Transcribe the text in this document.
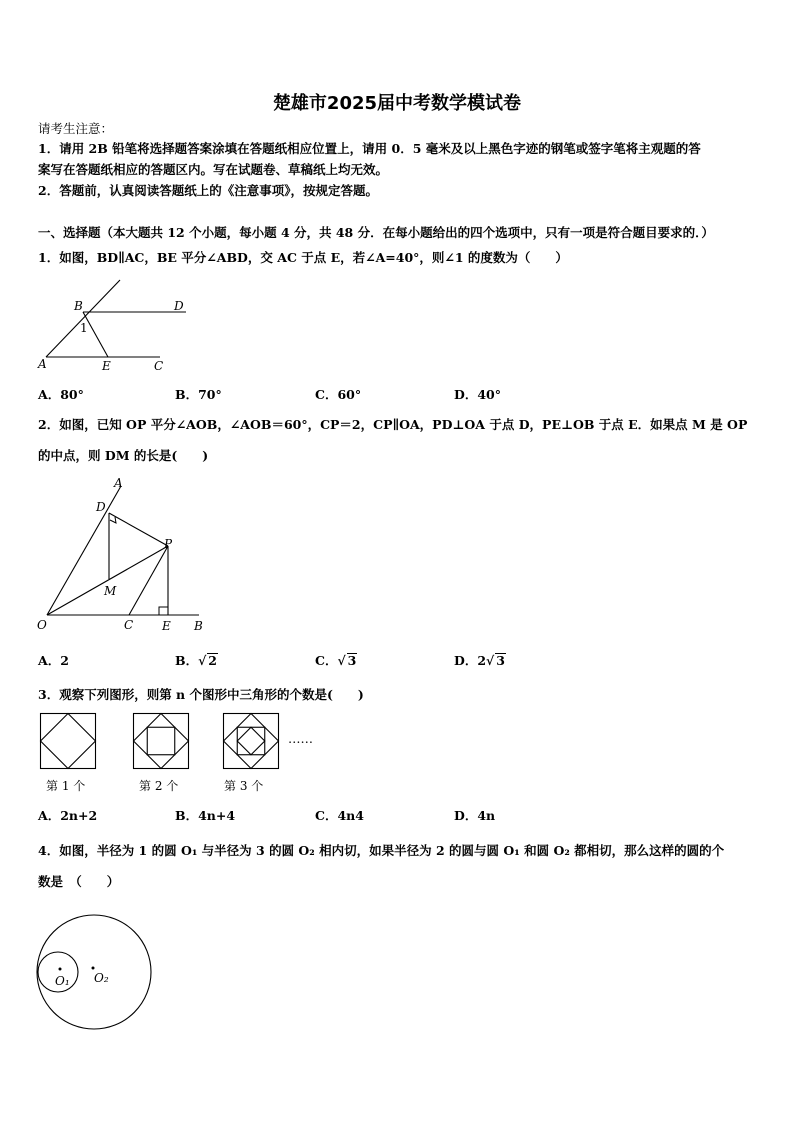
楚雄市2025届中考数学模试卷
请考生注意：
1．请用 2B 铅笔将选择题答案涂填在答题纸相应位置上，请用 0．5 毫米及以上黑色字迹的钢笔或签字笔将主观题的答
案写在答题纸相应的答题区内。写在试题卷、草稿纸上均无效。
2．答题前，认真阅读答题纸上的《注意事项》，按规定答题。
一、选择题（本大题共 12 个小题，每小题 4 分，共 48 分．在每小题给出的四个选项中，只有一项是符合题目要求的．）
1．如图，BD∥AC，BE 平分∠ABD，交 AC 于点 E，若∠A=40°，则∠1 的度数为（　　）
B	D
1
A	E	C
A．80°	B．70°	C．60°	D．40°
2．如图，已知 OP 平分∠AOB，∠AOB＝60°，CP＝2，CP∥OA，PD⊥OA 于点 D，PE⊥OB 于点 E．如果点 M 是 OP
的中点，则 DM 的长是(　　)
A
D
P
M
O	C E B
A．2	B．√ 2	C．√ 3	D．2√ 3
3．观察下列图形，则第 n 个图形中三角形的个数是(　　)
……
第 1 个	第 2 个	第 3 个
A．2n+2	B．4n+4	C．4n4	D．4n
4．如图，半径为 1 的圆 O₁ 与半径为 3 的圆 O₂ 相内切，如果半径为 2 的圆与圆 O₁ 和圆 O₂ 都相切，那么这样的圆的个
数是　（　　）
O₁ O₂
